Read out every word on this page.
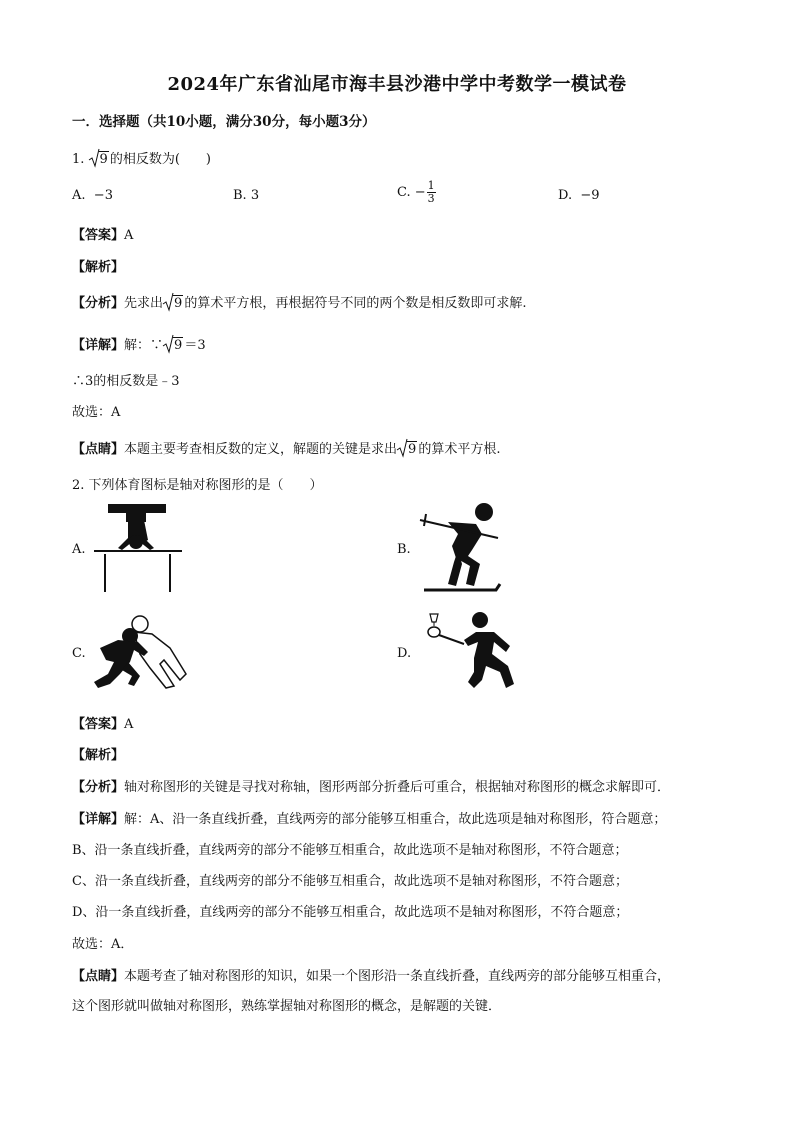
2024年广东省汕尾市海丰县沙港中学中考数学一模试卷
一．选择题（共10小题，满分30分，每小题3分）
1. 9 的相反数为(　　)
A. −3	B. 3	C. − $\frac{1}{3}$	D. −9
【答案】A
【解析】
【分析】先求出 9 的算术平方根，再根据符号不同的两个数是相反数即可求解.
【详解】解：∵ 9 ＝3
∴3的相反数是﹣3
故选：A
【点睛】本题主要考查相反数的定义，解题的关键是求出 9 的算术平方根.
2. 下列体育图标是轴对称图形的是（　　）
A.	B.
C.	D.
【答案】A
【解析】
【分析】轴对称图形的关键是寻找对称轴，图形两部分折叠后可重合，根据轴对称图形的概念求解即可．
【详解】解：A、沿一条直线折叠，直线两旁的部分能够互相重合，故此选项是轴对称图形，符合题意；
B、沿一条直线折叠，直线两旁的部分不能够互相重合，故此选项不是轴对称图形，不符合题意；
C、沿一条直线折叠，直线两旁的部分不能够互相重合，故此选项不是轴对称图形，不符合题意；
D、沿一条直线折叠，直线两旁的部分不能够互相重合，故此选项不是轴对称图形，不符合题意；
故选：A．
【点睛】本题考查了轴对称图形的知识，如果一个图形沿一条直线折叠，直线两旁的部分能够互相重合，
这个图形就叫做轴对称图形，熟练掌握轴对称图形的概念，是解题的关键．
